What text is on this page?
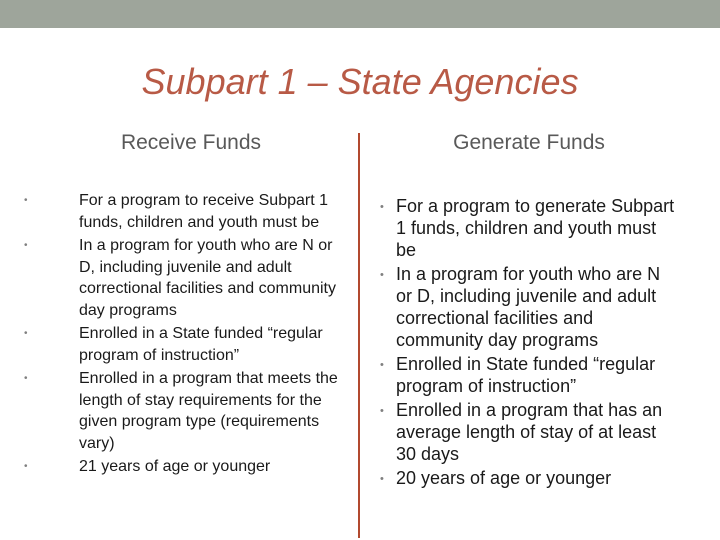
Subpart 1 – State Agencies
Receive Funds	Generate Funds
•	For a program to receive Subpart 1 funds, children and youth must be
•	In a program for youth who are N or D, including juvenile and adult correctional facilities and community day programs
•	Enrolled in a State funded “regular program of instruction”
•	Enrolled in a program that meets the length of stay requirements for the given program type (requirements vary)
•	21 years of age or younger
• For a program to generate Subpart 1 funds, children and youth must be
• In a program for youth who are N or D, including juvenile and adult correctional facilities and community day programs
• Enrolled in State funded “regular program of instruction”
• Enrolled in a program that has an average length of stay of at least 30 days
• 20 years of age or younger
